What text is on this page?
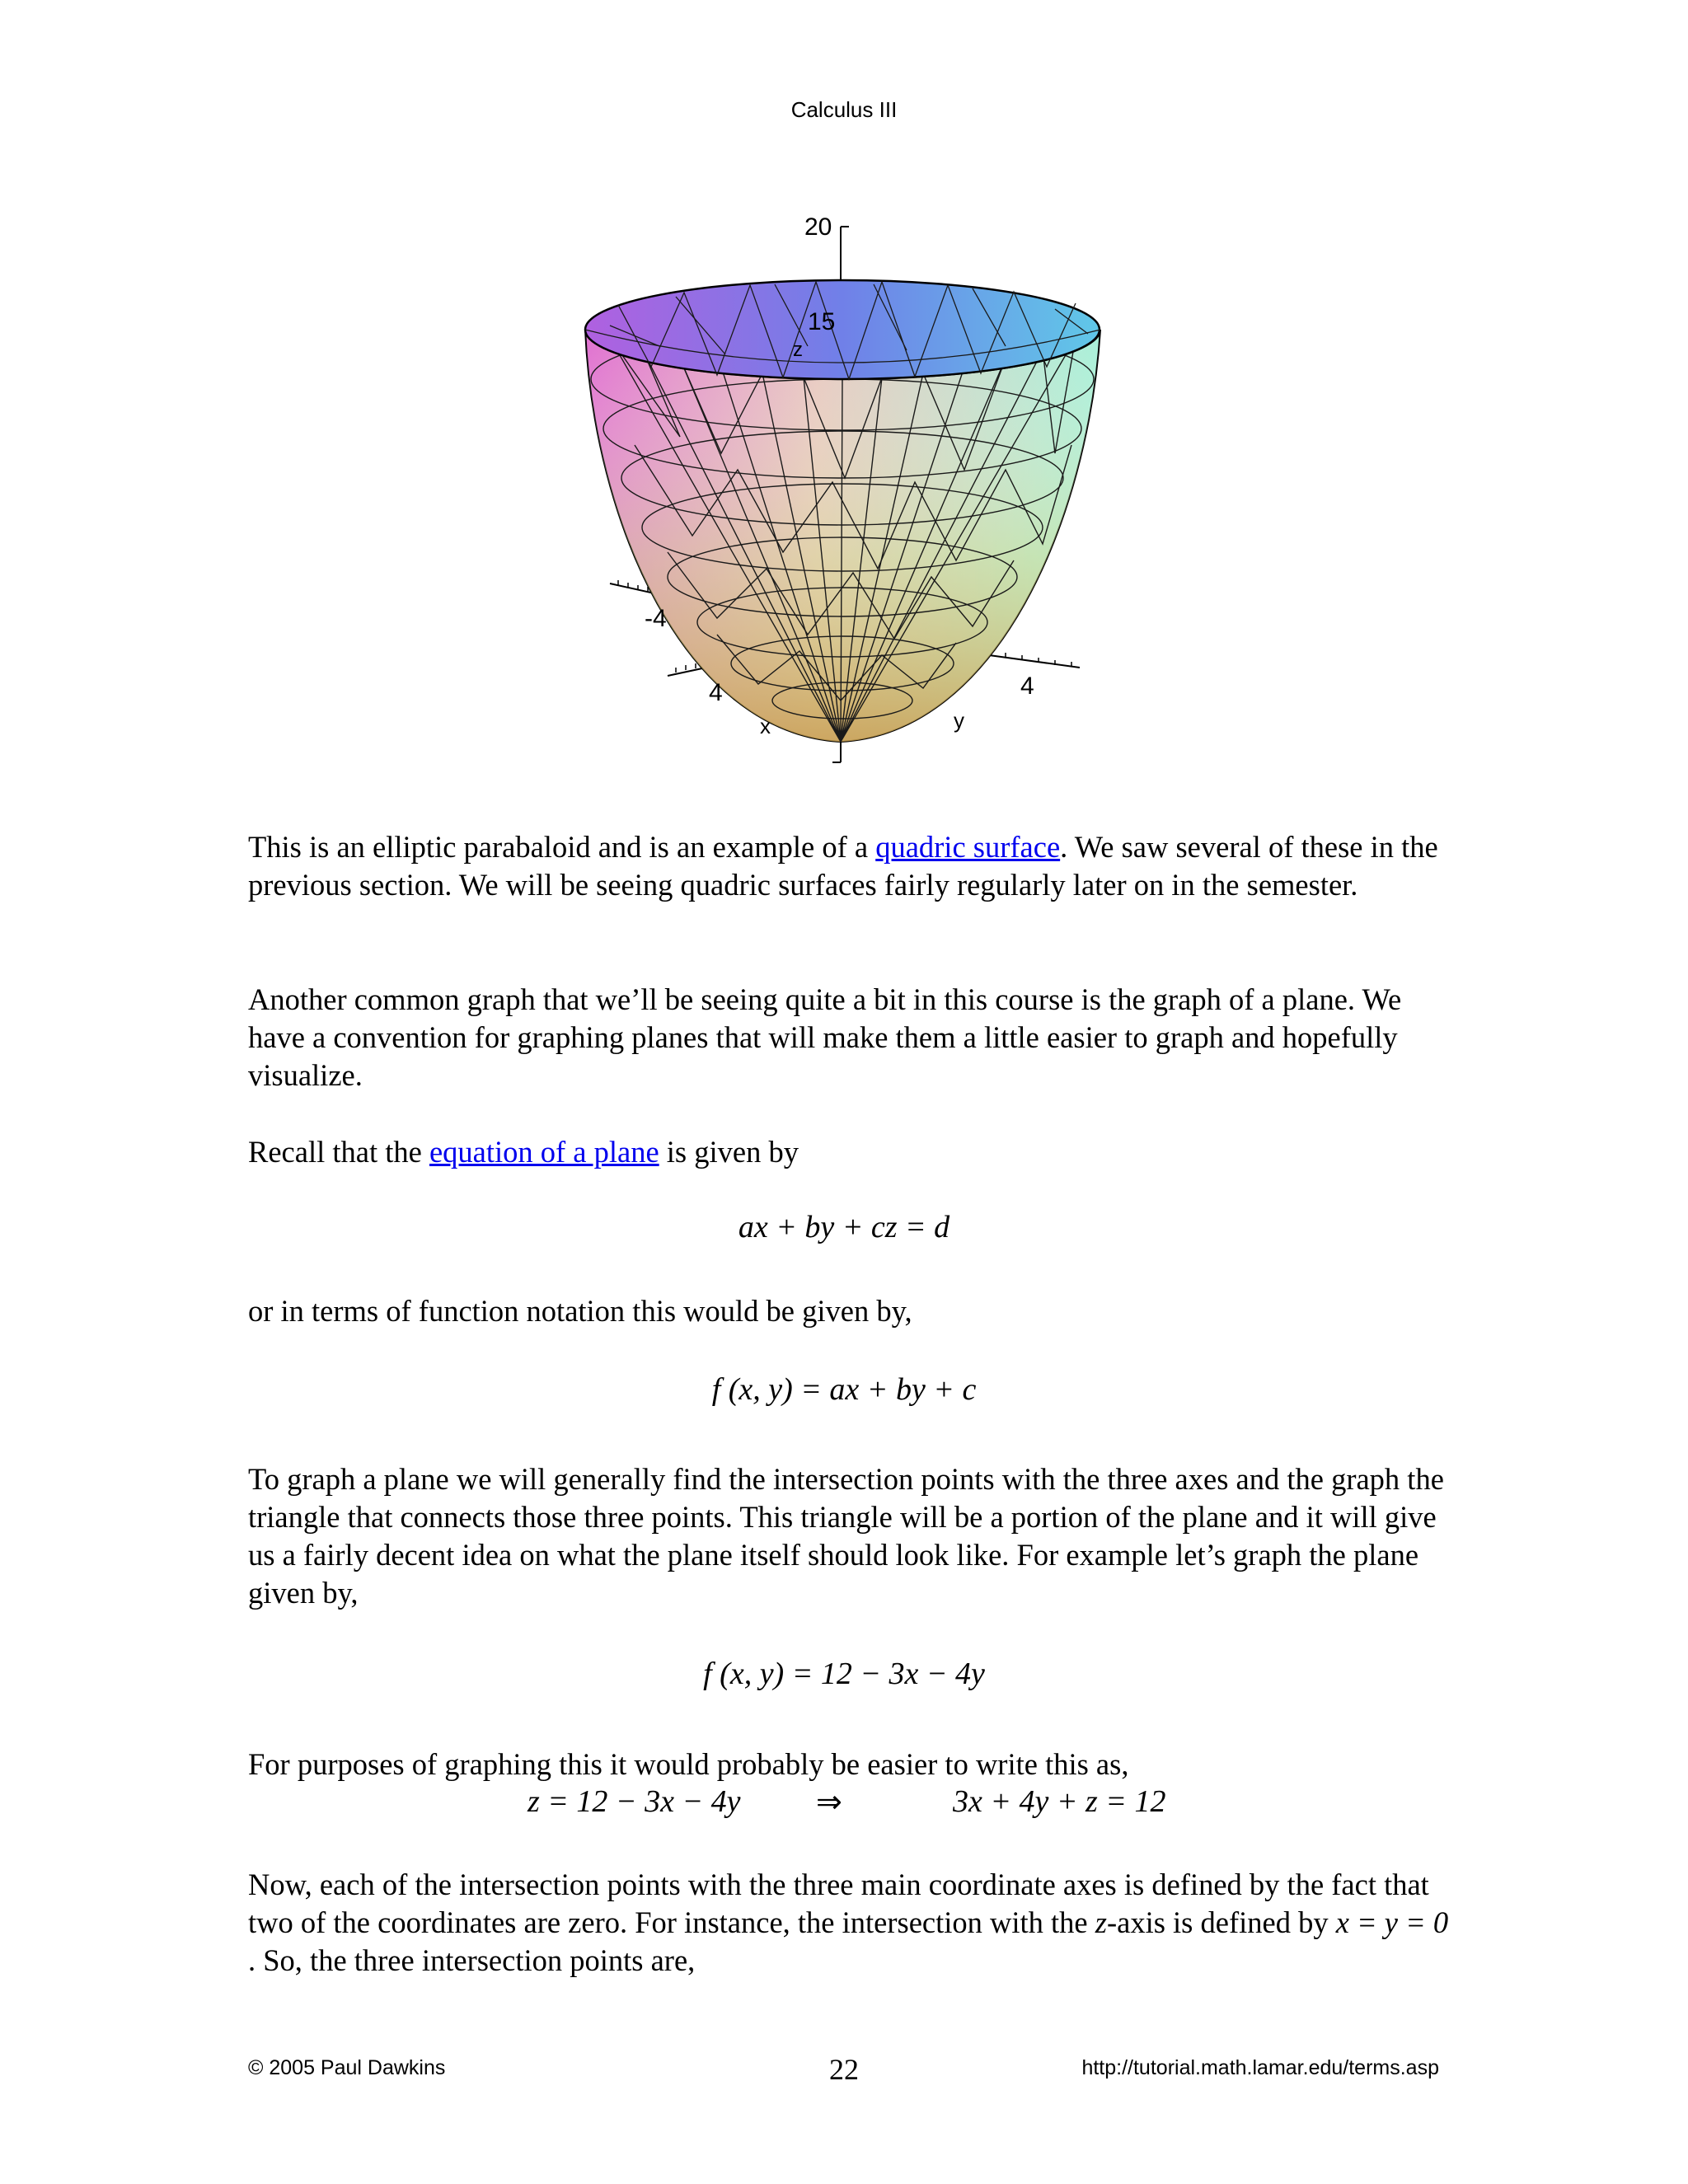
Calculus III
20
15
z
-4
4	4
x	y

This is an elliptic parabaloid and is an example of a quadric surface. We saw several of these in the previous section. We will be seeing quadric surfaces fairly regularly later on in the semester.

Another common graph that we’ll be seeing quite a bit in this course is the graph of a plane. We have a convention for graphing planes that will make them a little easier to graph and hopefully visualize.

Recall that the equation of a plane is given by

ax + by + cz = d

or in terms of function notation this would be given by,

f (x, y) = ax + by + c

To graph a plane we will generally find the intersection points with the three axes and the graph the triangle that connects those three points. This triangle will be a portion of the plane and it will give us a fairly decent idea on what the plane itself should look like. For example let’s graph the plane given by,

f (x, y) = 12 − 3x − 4y

For purposes of graphing this it would probably be easier to write this as,

z = 12 − 3x − 4y ⇒	3x + 4y + z = 12

Now, each of the intersection points with the three main coordinate axes is defined by the fact that two of the coordinates are zero. For instance, the intersection with the z-axis is defined by x = y = 0 . So, the three intersection points are,

© 2005 Paul Dawkins	22	http://tutorial.math.lamar.edu/terms.asp
